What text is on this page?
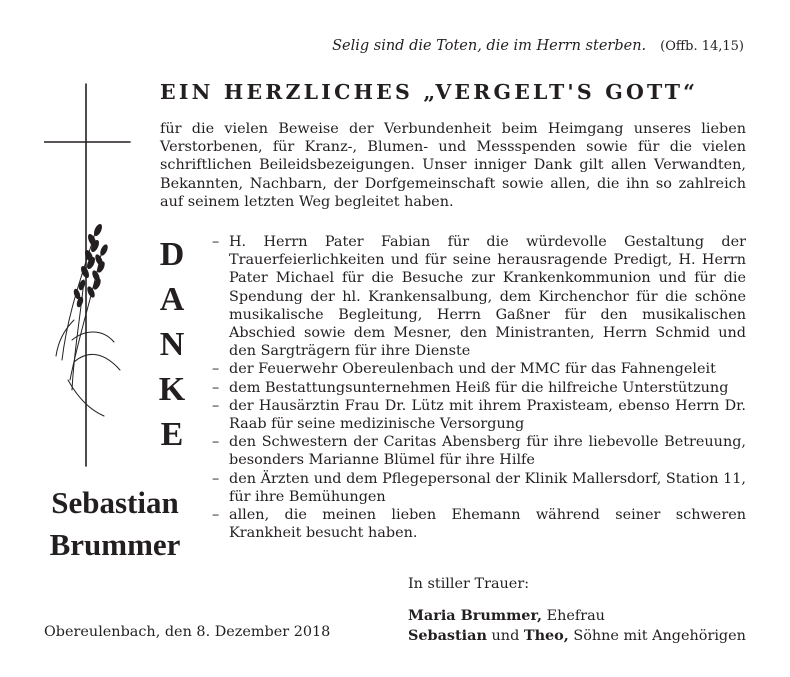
Selig sind die Toten, die im Herrn sterben. (Offb. 14,15)
EIN HERZLICHES „VERGELT'S GOTT“

für die vielen Beweise der Verbundenheit beim Heimgang unseres lieben Verstorbenen, für Kranz-, Blumen- und Messspenden sowie für die vielen schriftlichen Beileidsbezeigungen. Unser inniger Dank gilt allen Verwandten, Bekannten, Nachbarn, der Dorfgemeinschaft sowie allen, die ihn so zahlreich auf seinem letzten Weg begleitet haben.

D
A
N
K
E
– H. Herrn Pater Fabian für die würdevolle Gestaltung der Trauerfeierlichkeiten und für seine herausragende Predigt, H. Herrn Pater Michael für die Besuche zur Krankenkommunion und für die Spendung der hl. Krankensalbung, dem Kirchenchor für die schöne musikalische Begleitung, Herrn Gaßner für den musikalischen Abschied sowie dem Mesner, den Ministranten, Herrn Schmid und den Sargträgern für ihre Dienste
– der Feuerwehr Obereulenbach und der MMC für das Fahnengeleit
– dem Bestattungsunternehmen Heiß für die hilfreiche Unterstützung
– der Hausärztin Frau Dr. Lütz mit ihrem Praxisteam, ebenso Herrn Dr. Raab für seine medizinische Versorgung
– den Schwestern der Caritas Abensberg für ihre liebevolle Betreuung, besonders Marianne Blümel für ihre Hilfe
– den Ärzten und dem Pflegepersonal der Klinik Mallersdorf, Station 11, für ihre Bemühungen
– allen, die meinen lieben Ehemann während seiner schweren Krankheit besucht haben.
Sebastian
Brummer
In stiller Trauer:
Maria Brummer, Ehefrau
Sebastian und Theo, Söhne mit Angehörigen
Obereulenbach, den 8. Dezember 2018
